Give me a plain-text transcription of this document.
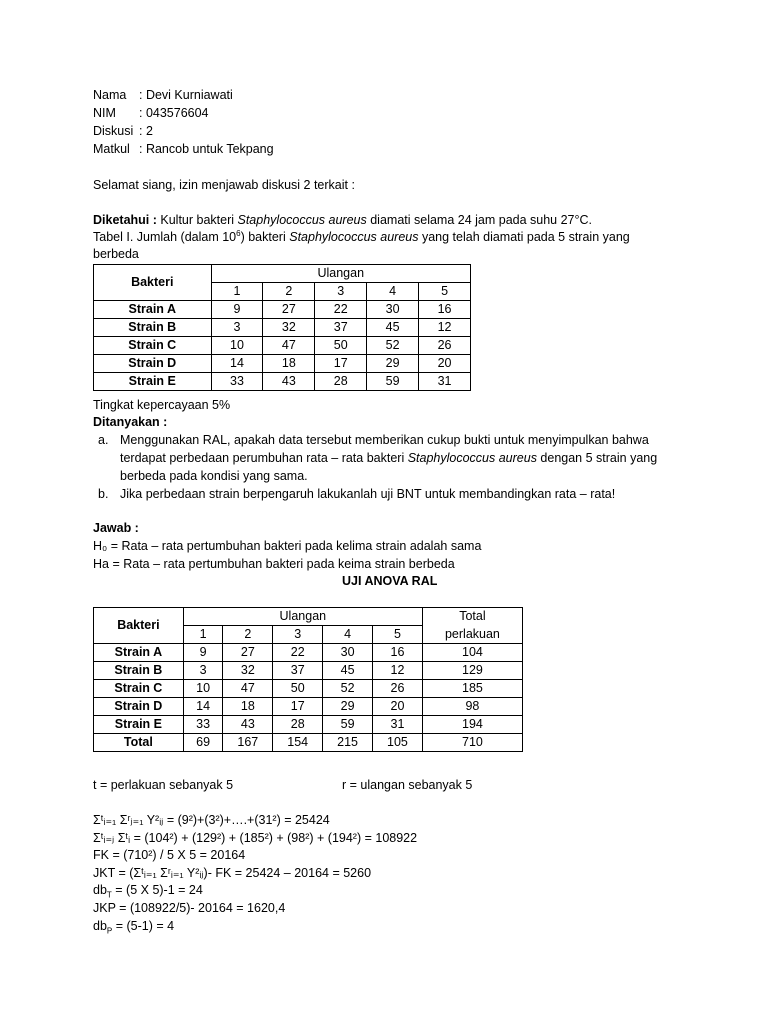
Nama : Devi Kurniawati
NIM : 043576604
Diskusi : 2
Matkul : Rancob untuk Tekpang
Selamat siang, izin menjawab diskusi 2 terkait :
Diketahui : Kultur bakteri Staphylococcus aureus diamati selama 24 jam pada suhu 27°C.
Tabel I. Jumlah (dalam $10^6$) bakteri Staphylococcus aureus yang telah diamati pada 5 strain yang
berbeda
Bakteri	Ulangan				
	1	2	3	4	5
Strain A	9	27	22	30	16
Strain B	3	32	37	45	12
Strain C	10	47	50	52	26
Strain D	14	18	17	29	20
Strain E	33	43	28	59	31
Tingkat kepercayaan 5%
Ditanyakan :
a. Menggunakan RAL, apakah data tersebut memberikan cukup bukti untuk menyimpulkan bahwa
terdapat perbedaan perumbuhan rata – rata bakteri Staphylococcus aureus dengan 5 strain yang
berbeda pada kondisi yang sama.
b. Jika perbedaan strain berpengaruh lakukanlah uji BNT untuk membandingkan rata – rata!
Jawab :
H₀ = Rata – rata pertumbuhan bakteri pada kelima strain adalah sama
Ha = Rata – rata pertumbuhan bakteri pada keima strain berbeda
UJI ANOVA RAL
Bakteri	Ulangan					Total
	1	2	3	4	5	perlakuan
Strain A	9	27	22	30	16	104
Strain B	3	32	37	45	12	129
Strain C	10	47	50	52	26	185
Strain D	14	18	17	29	20	98
Strain E	33	43	28	59	31	194
Total	69	167	154	215	105	710
t = perlakuan sebanyak 5	r = ulangan sebanyak 5
Σᵗᵢ₌₁ Σʳⱼ₌₁ Y²ᵢⱼ = (9²)+(3²)+….+(31²) = 25424
Σᵗᵢ₌ⱼ Σᵗᵢ = (104²) + (129²) + (185²) + (98²) + (194²) = 108922
FK = (710²) / 5 X 5 = 20164
JKT = (Σᵗᵢ₌₁ Σʳᵢ₌₁ Y²ᵢⱼ)- FK = 25424 – 20164 = 5260
$db_T = (5$ X 5)-1 = 24
JKP = (108922/5)- 20164 = 1620,4
$db_P = (5-1) = 4$
